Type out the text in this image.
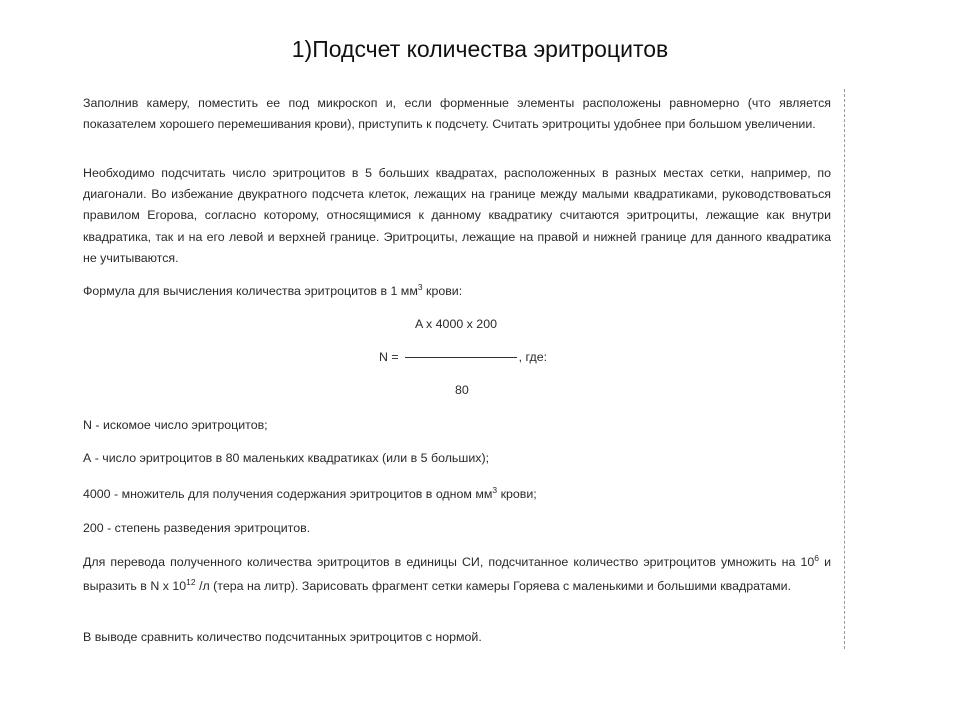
1)Подсчет количества эритроцитов

Заполнив камеру, поместить ее под микроскоп и, если форменные элементы расположены равномерно (что является показателем хорошего перемешивания крови), приступить к подсчету. Считать эритроциты удобнее при большом увеличении.

Необходимо подсчитать число эритроцитов в 5 больших квадратах, расположенных в разных местах сетки, например, по диагонали. Во избежание двукратного подсчета клеток, лежащих на границе между малыми квадратиками, руководствоваться правилом Егорова, согласно которому, относящимися к данному квадратику считаются эритроциты, лежащие как внутри квадратика, так и на его левой и верхней границе. Эритроциты, лежащие на правой и нижней границе для данного квадратика не учитываются.

Формула для вычисления количества эритроцитов в 1 $мм^3$ крови:

A x 4000 x 200
N =	, где:
80

N - искомое число эритроцитов;

А - число эритроцитов в 80 маленьких квадратиках (или в 5 больших);

4000 - множитель для получения содержания эритроцитов в одном $мм^3$ крови;

200 - степень разведения эритроцитов.

Для перевода полученного количества эритроцитов в единицы СИ, подсчитанное количество эритроцитов умножить на $10^6$ и выразить в N x $10^{12}$ /л (тера на литр). Зарисовать фрагмент сетки камеры Горяева с маленькими и большими квадратами.

В выводе сравнить количество подсчитанных эритроцитов с нормой.
